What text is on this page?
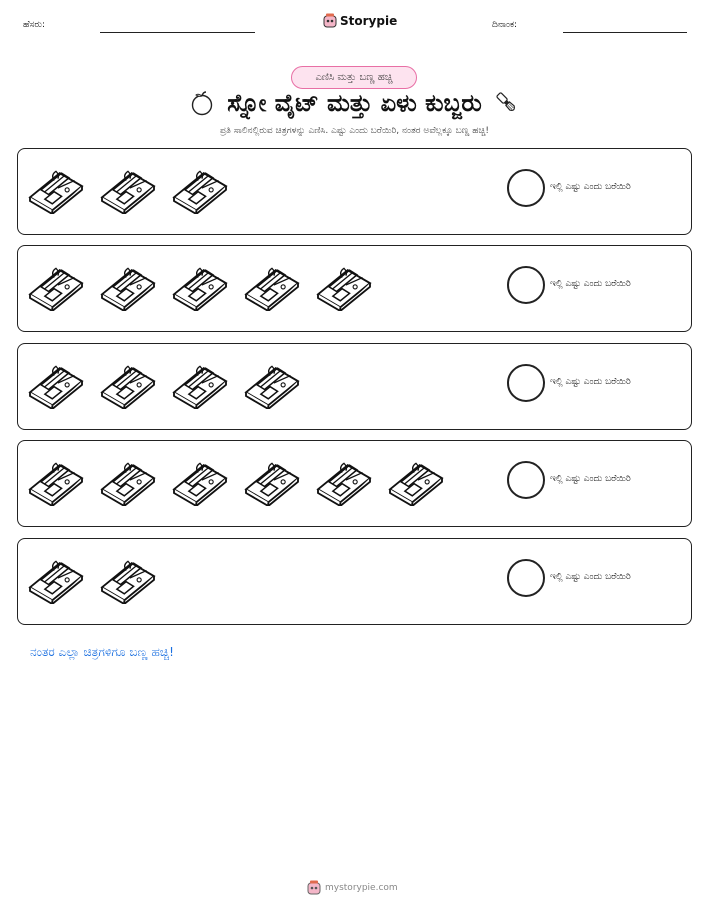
ಹೆಸರು:	Storypie	ದಿನಾಂಕ:
ಎಣಿಸಿ ಮತ್ತು ಬಣ್ಣ ಹಚ್ಚಿ
ಸ್ನೋ ವೈಟ್ ಮತ್ತು ಏಳು ಕುಬ್ಜರು
ಪ್ರತಿ ಸಾಲಿನಲ್ಲಿರುವ ಚಿತ್ರಗಳನ್ನು ಎಣಿಸಿ. ಎಷ್ಟು ಎಂದು ಬರೆಯಿರಿ, ನಂತರ ಅವೆಲ್ಲಕ್ಕೂ ಬಣ್ಣ ಹಚ್ಚಿ!
ಇಲ್ಲಿ ಎಷ್ಟು ಎಂದು ಬರೆಯಿರಿ
ಇಲ್ಲಿ ಎಷ್ಟು ಎಂದು ಬರೆಯಿರಿ
ಇಲ್ಲಿ ಎಷ್ಟು ಎಂದು ಬರೆಯಿರಿ
ಇಲ್ಲಿ ಎಷ್ಟು ಎಂದು ಬರೆಯಿರಿ
ಇಲ್ಲಿ ಎಷ್ಟು ಎಂದು ಬರೆಯಿರಿ
ನಂತರ ಎಲ್ಲಾ ಚಿತ್ರಗಳಿಗೂ ಬಣ್ಣ ಹಚ್ಚಿ!
mystorypie.com
